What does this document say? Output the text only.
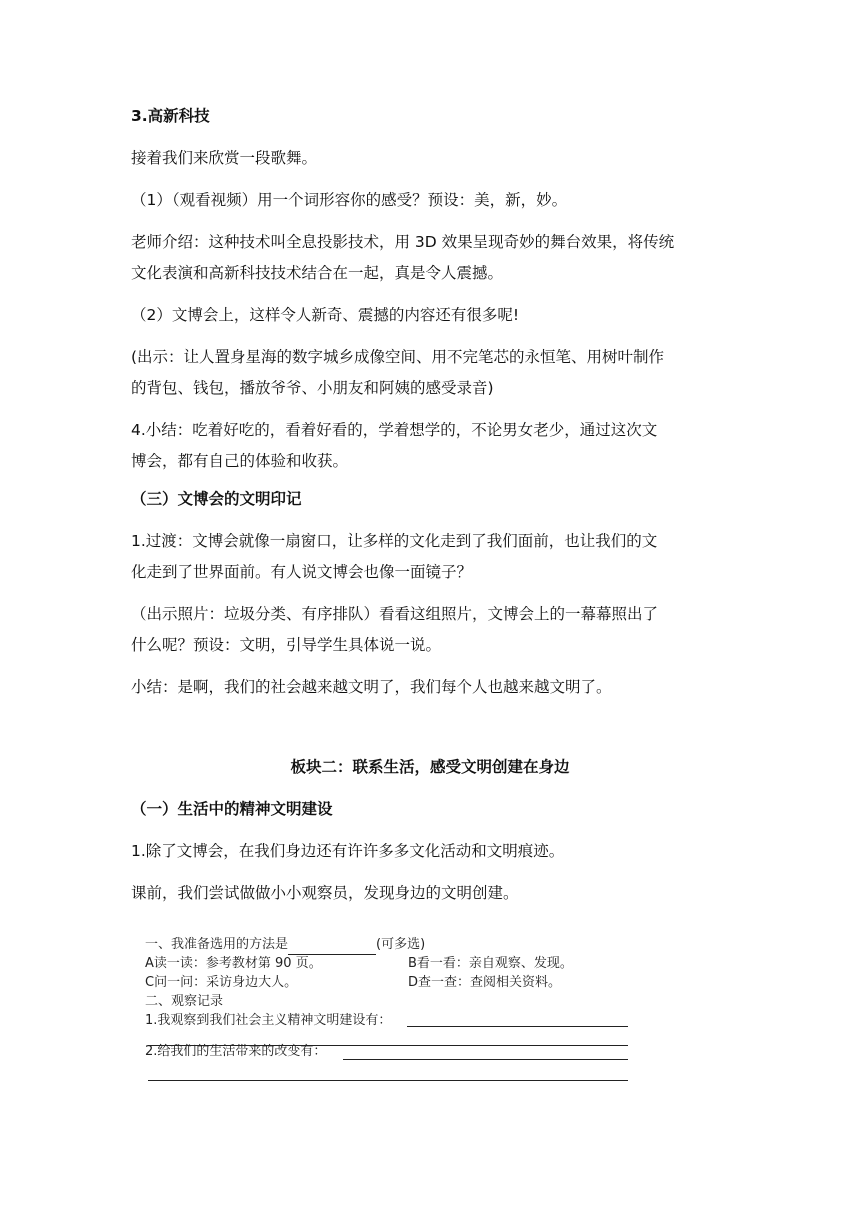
3.高新科技

接着我们来欣赏一段歌舞。

（1）（观看视频）用一个词形容你的感受？预设：美，新，妙。

老师介绍：这种技术叫全息投影技术，用 3D 效果呈现奇妙的舞台效果，将传统

文化表演和高新科技技术结合在一起，真是令人震撼。

（2）文博会上，这样令人新奇、震撼的内容还有很多呢!

(出示：让人置身星海的数字城乡成像空间、用不完笔芯的永恒笔、用树叶制作

的背包、钱包，播放爷爷、小朋友和阿姨的感受录音)

4.小结：吃着好吃的，看着好看的，学着想学的，不论男女老少，通过这次文

博会，都有自己的体验和收获。

（三）文博会的文明印记

1.过渡：文博会就像一扇窗口，让多样的文化走到了我们面前，也让我们的文

化走到了世界面前。有人说文博会也像一面镜子？

（出示照片：垃圾分类、有序排队）看看这组照片，文博会上的一幕幕照出了

什么呢？预设：文明，引导学生具体说一说。

小结：是啊，我们的社会越来越文明了，我们每个人也越来越文明了。

板块二：联系生活，感受文明创建在身边

（一）生活中的精神文明建设

1.除了文博会，在我们身边还有许许多多文化活动和文明痕迹。

课前，我们尝试做做小小观察员，发现身边的文明创建。

一、我准备选用的方法是	(可多选)
A读一读：参考教材第 90 页。	B看一看：亲自观察、发现。
C问一问：采访身边大人。	D查一查：查阅相关资料。
二、观察记录
1.我观察到我们社会主义精神文明建设有：
2.给我们的生活带来的改变有：
